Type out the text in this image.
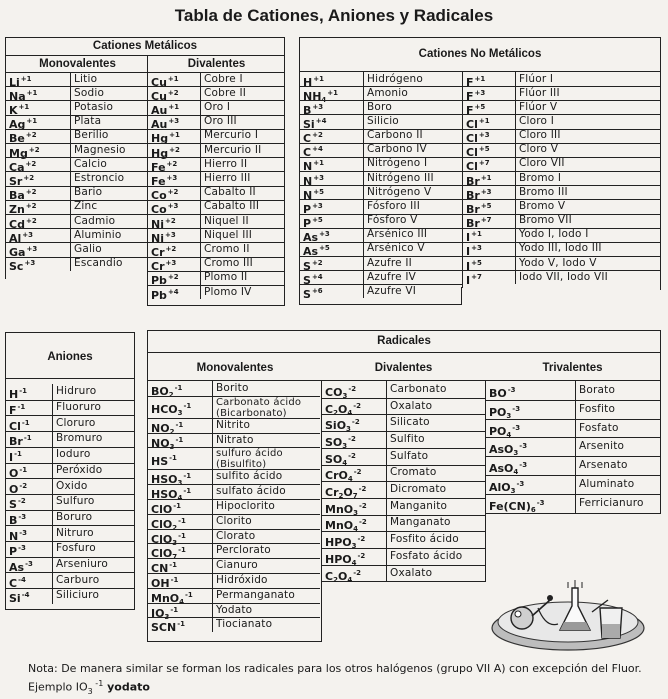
Tabla de Cationes, Aniones y Radicales
Cationes Metálicos
Monovalentes	Divalentes
Cationes No Metálicos
Aniones
Radicales
Monovalentes	Divalentes	Trivalentes
$Li^{+1}$	Litio
$Na^{+1}$	Sodio
$K^{+1}$	Potasio
$Ag^{+1}$	Plata
$Be^{+2}$	Berilio
$Mg^{+2}$	Magnesio
$Ca^{+2}$	Calcio
$Sr^{+2}$	Estroncio
$Ba^{+2}$	Bario
$Zn^{+2}$	Zinc
$Cd^{+2}$	Cadmio
$Al^{+3}$	Aluminio
$Ga^{+3}$	Galio
$Sc^{+3}$	Escandio
$Cu^{+1}$	Cobre I
$Cu^{+2}$	Cobre II
$Au^{+1}$	Oro I
$Au^{+3}$	Oro III
$Hg^{+1}$	Mercurio I
$Hg^{+2}$	Mercurio II
$Fe^{+2}$	Hierro II
$Fe^{+3}$	Hierro III
$Co^{+2}$	Cabalto II
$Co^{+3}$	Cabalto III
$Ni^{+2}$	Niquel II
$Ni^{+3}$	Niquel III
$Cr^{+2}$	Cromo II
$Cr^{+3}$	Cromo III
$Pb^{+2}$	Plomo II
$Pb^{+4}$	Plomo IV
$H^{+1}$	Hidrógeno
$NH_4^{+1}$	Amonio
$B^{+3}$	Boro
$Si^{+4}$	Silicio
$C^{+2}$	Carbono II
$C^{+4}$	Carbono IV
$N^{+1}$	Nitrógeno I
$N^{+3}$	Nitrógeno III
$N^{+5}$	Nitrógeno V
$P^{+3}$	Fósforo III
$P^{+5}$	Fósforo V
$As^{+3}$	Arsénico III
$As^{+5}$	Arsénico V
$S^{+2}$	Azufre II
$S^{+4}$	Azufre IV
$S^{+6}$	Azufre VI
$F^{+1}$	Flúor I
$F^{+3}$	Flúor III
$F^{+5}$	Flúor V
$Cl^{+1}$	Cloro I
$Cl^{+3}$	Cloro III
$Cl^{+5}$	Cloro V
$Cl^{+7}$	Cloro VII
$Br^{+1}$	Bromo I
$Br^{+3}$	Bromo III
$Br^{+5}$	Bromo V
$Br^{+7}$	Bromo VII
$I^{+1}$	Yodo I, Iodo I
$I^{+3}$	Yodo III, Iodo III
$I^{+5}$	Yodo V, Iodo V
$I^{+7}$	Iodo VII, Iodo VII
$H^{-1}$	Hidruro
$F^{-1}$	Fluoruro
$Cl^{-1}$	Cloruro
$Br^{-1}$	Bromuro
$I^{-1}$	Ioduro
$O^{-1}$	Peróxido
$O^{-2}$	Óxido
$S^{-2}$	Sulfuro
$B^{-3}$	Boruro
$N^{-3}$	Nitruro
$P^{-3}$	Fosfuro
$As^{-3}$	Arseniuro
$C^{-4}$	Carburo
$Si^{-4}$	Siliciuro
$BO_2^{-1}$	Borito
$HCO_3^{-1}$	Carbonato ácido
(Bicarbonato)
$NO_2^{-1}$	Nitrito
$NO_3^{-1}$	Nitrato
$HS^{-1}$	sulfuro ácido
(Bisulfito)
$HSO_3^{-1}$	sulfito ácido
$HSO_4^{-1}$	sulfato ácido
ClO$^{-1}$	Hipoclorito
ClO$_2^{-1}$	Clorito
ClO$_3^{-1}$	Clorato
ClO$_7^{-1}$	Perclorato
$CN^{-1}$	Cianuro
$OH^{-1}$	Hidróxido
MnO$_4^{-1}$	Permanganato
$IO_3^{-1}$	Yodato
$SCN^{-1}$	Tiocianato
$CO_3^{-2}$	Carbonato
$C_2O_4^{-2}$	Oxalato
SiO$_3^{-2}$	Silicato
$SO_3^{-2}$	Sulfito
$SO_4^{-2}$	Sulfato
CrO$_4^{-2}$	Cromato
$Cr_2O_7^{-2}$	Dicromato
MnO$_3^{-2}$	Manganito
MnO$_4^{-2}$	Manganato
$HPO_3^{-2}$	Fosfito ácido
$HPO_4^{-2}$	Fosfato ácido
$C_2O_4^{-2}$	Oxalato
$BO^{-3}$	Borato
$PO_3^{-3}$	Fosfito
$PO_4^{-3}$	Fosfato
AsO$_3^{-3}$	Arsenito
AsO$_4^{-3}$	Arsenato
AlO$_3^{-3}$	Aluminato
$Fe(CN)_6^{-3}$	Ferricianuro
Nota: De manera similar se forman los radicales para los otros halógenos (grupo VII A) con excepción del Fluor. Ejemplo $IO_3$ $^{-1}$ yodato
